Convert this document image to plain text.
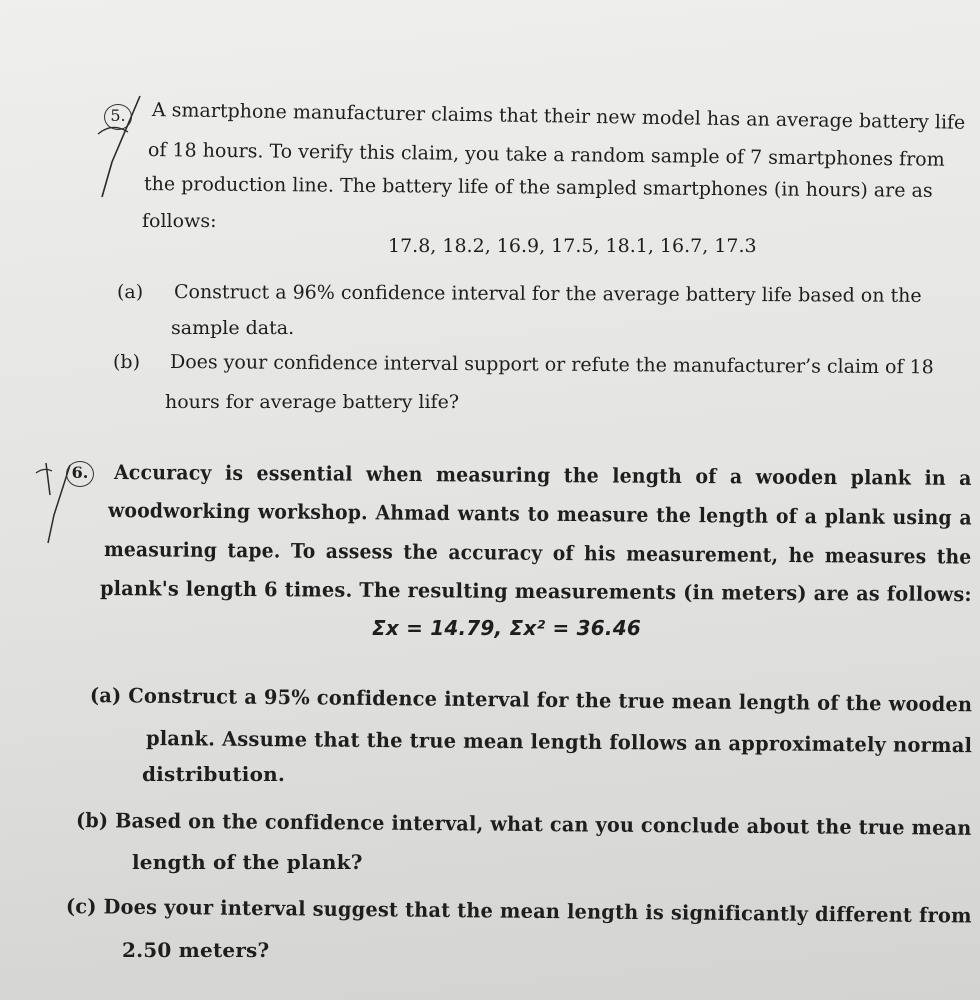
5.	A smartphone manufacturer claims that their new model has an average battery life
of 18 hours. To verify this claim, you take a random sample of 7 smartphones from
the production line. The battery life of the sampled smartphones (in hours) are as
follows:
17.8, 18.2, 16.9, 17.5, 18.1, 16.7, 17.3
(a) Construct a 96% confidence interval for the average battery life based on the
sample data.
(b) Does your confidence interval support or refute the manufacturer’s claim of 18
hours for average battery life?
6. Accuracy is essential when measuring the length of a wooden plank in a
woodworking workshop. Ahmad wants to measure the length of a plank using a
measuring tape. To assess the accuracy of his measurement, he measures the
plank's length 6 times. The resulting measurements (in meters) are as follows:
Σx = 14.79, Σx² = 36.46
(a) Construct a 95% confidence interval for the true mean length of the wooden
plank. Assume that the true mean length follows an approximately normal
distribution.
(b) Based on the confidence interval, what can you conclude about the true mean
length of the plank?
(c) Does your interval suggest that the mean length is significantly different from
2.50 meters?
